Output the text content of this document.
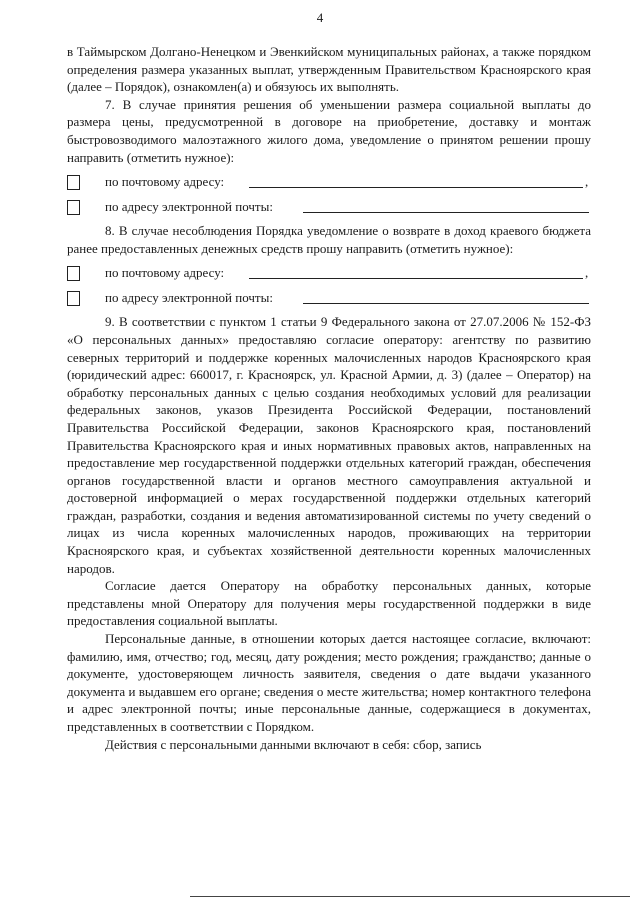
4

в Таймырском Долгано-Ненецком и Эвенкийском муниципальных районах, а также порядком определения размера указанных выплат, утвержденным Правительством Красноярского края (далее – Порядок), ознакомлен(а) и обязуюсь их выполнять.

7. В случае принятия решения об уменьшении размера социальной выплаты до размера цены, предусмотренной в договоре на приобретение, доставку и монтаж быстровозводимого малоэтажного жилого дома, уведомление о принятом решении прошу направить (отметить нужное):

по почтовому адресу:	,
по адресу электронной почты:

8. В случае несоблюдения Порядка уведомление о возврате в доход краевого бюджета ранее предоставленных денежных средств прошу направить (отметить нужное):

по почтовому адресу:	,
по адресу электронной почты:

9. В соответствии с пунктом 1 статьи 9 Федерального закона от 27.07.2006 № 152-ФЗ «О персональных данных» предоставляю согласие оператору: агентству по развитию северных территорий и поддержке коренных малочисленных народов Красноярского края (юридический адрес: 660017, г. Красноярск, ул. Красной Армии, д. 3) (далее – Оператор) на обработку персональных данных с целью создания необходимых условий для реализации федеральных законов, указов Президента Российской Федерации, постановлений Правительства Российской Федерации, законов Красноярского края, постановлений Правительства Красноярского края и иных нормативных правовых актов, направленных на предоставление мер государственной поддержки отдельных категорий граждан, обеспечения органов государственной власти и органов местного самоуправления актуальной и достоверной информацией о мерах государственной поддержки отдельных категорий граждан, разработки, создания и ведения автоматизированной системы по учету сведений о лицах из числа коренных малочисленных народов, проживающих на территории Красноярского края, и субъектах хозяйственной деятельности коренных малочисленных народов.

Согласие дается Оператору на обработку персональных данных, которые представлены мной Оператору для получения меры государственной поддержки в виде предоставления социальной выплаты.

Персональные данные, в отношении которых дается настоящее согласие, включают: фамилию, имя, отчество; год, месяц, дату рождения; место рождения; гражданство; данные о документе, удостоверяющем личность заявителя, сведения о дате выдачи указанного документа и выдавшем его органе; сведения о месте жительства; номер контактного телефона и адрес электронной почты; иные персональные данные, содержащиеся в документах, представленных в соответствии с Порядком.

Действия с персональными данными включают в себя: сбор, запись
